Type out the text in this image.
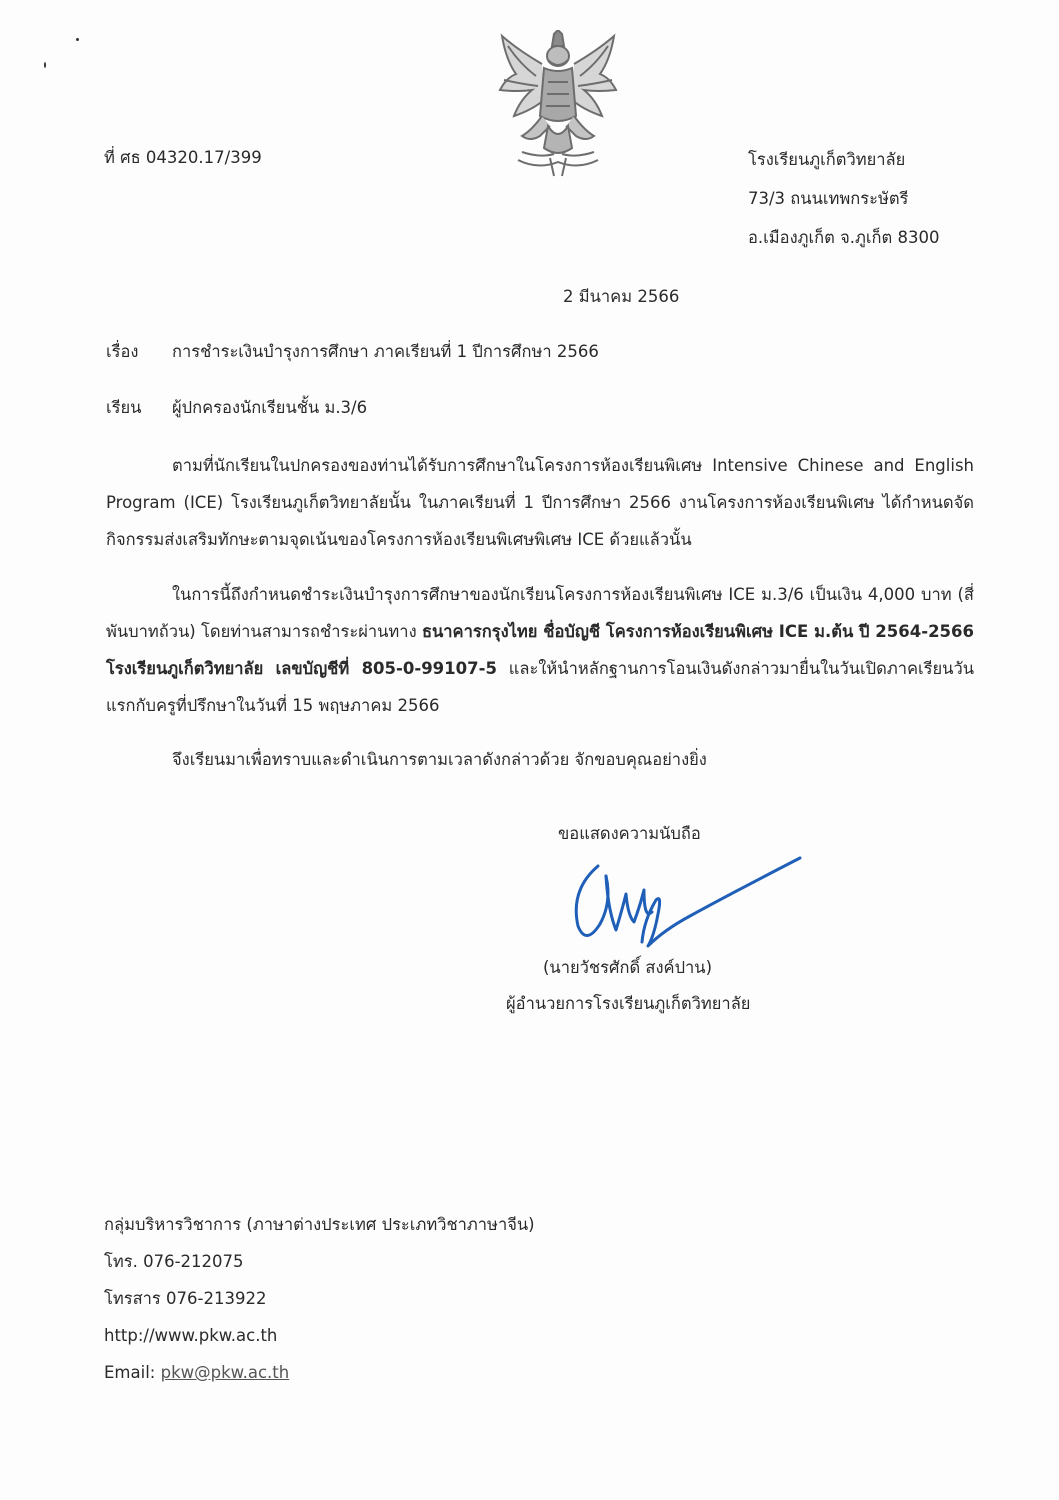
ที่ ศธ 04320.17/399	โรงเรียนภูเก็ตวิทยาลัย
73/3 ถนนเทพกระษัตรี
อ.เมืองภูเก็ต จ.ภูเก็ต 8300
2 มีนาคม 2566
เรื่อง การชำระเงินบำรุงการศึกษา ภาคเรียนที่ 1 ปีการศึกษา 2566
เรียน ผู้ปกครองนักเรียนชั้น ม.3/6
ตามที่นักเรียนในปกครองของท่านได้รับการศึกษาในโครงการห้องเรียนพิเศษ Intensive Chinese and English Program (ICE) โรงเรียนภูเก็ตวิทยาลัยนั้น ในภาคเรียนที่ 1 ปีการศึกษา 2566 งานโครงการห้องเรียนพิเศษ ได้กำหนดจัดกิจกรรมส่งเสริมทักษะตามจุดเน้นของโครงการห้องเรียนพิเศษพิเศษ ICE ด้วยแล้วนั้น
ในการนี้ถึงกำหนดชำระเงินบำรุงการศึกษาของนักเรียนโครงการห้องเรียนพิเศษ ICE ม.3/6 เป็นเงิน 4,000 บาท (สี่พันบาทถ้วน) โดยท่านสามารถชำระผ่านทาง ธนาคารกรุงไทย ชื่อบัญชี โครงการห้องเรียนพิเศษ ICE ม.ต้น ปี 2564-2566 โรงเรียนภูเก็ตวิทยาลัย เลขบัญชีที่ 805-0-99107-5 และให้นำหลักฐานการโอนเงินดังกล่าวมายื่นในวันเปิดภาคเรียนวันแรกกับครูที่ปรึกษาในวันที่ 15 พฤษภาคม 2566
จึงเรียนมาเพื่อทราบและดำเนินการตามเวลาดังกล่าวด้วย จักขอบคุณอย่างยิ่ง
ขอแสดงความนับถือ
(นายวัชรศักดิ์ สงค์ปาน)
ผู้อำนวยการโรงเรียนภูเก็ตวิทยาลัย
กลุ่มบริหารวิชาการ (ภาษาต่างประเทศ ประเภทวิชาภาษาจีน)
โทร. 076-212075
โทรสาร 076-213922
http://www.pkw.ac.th
Email: pkw@pkw.ac.th
